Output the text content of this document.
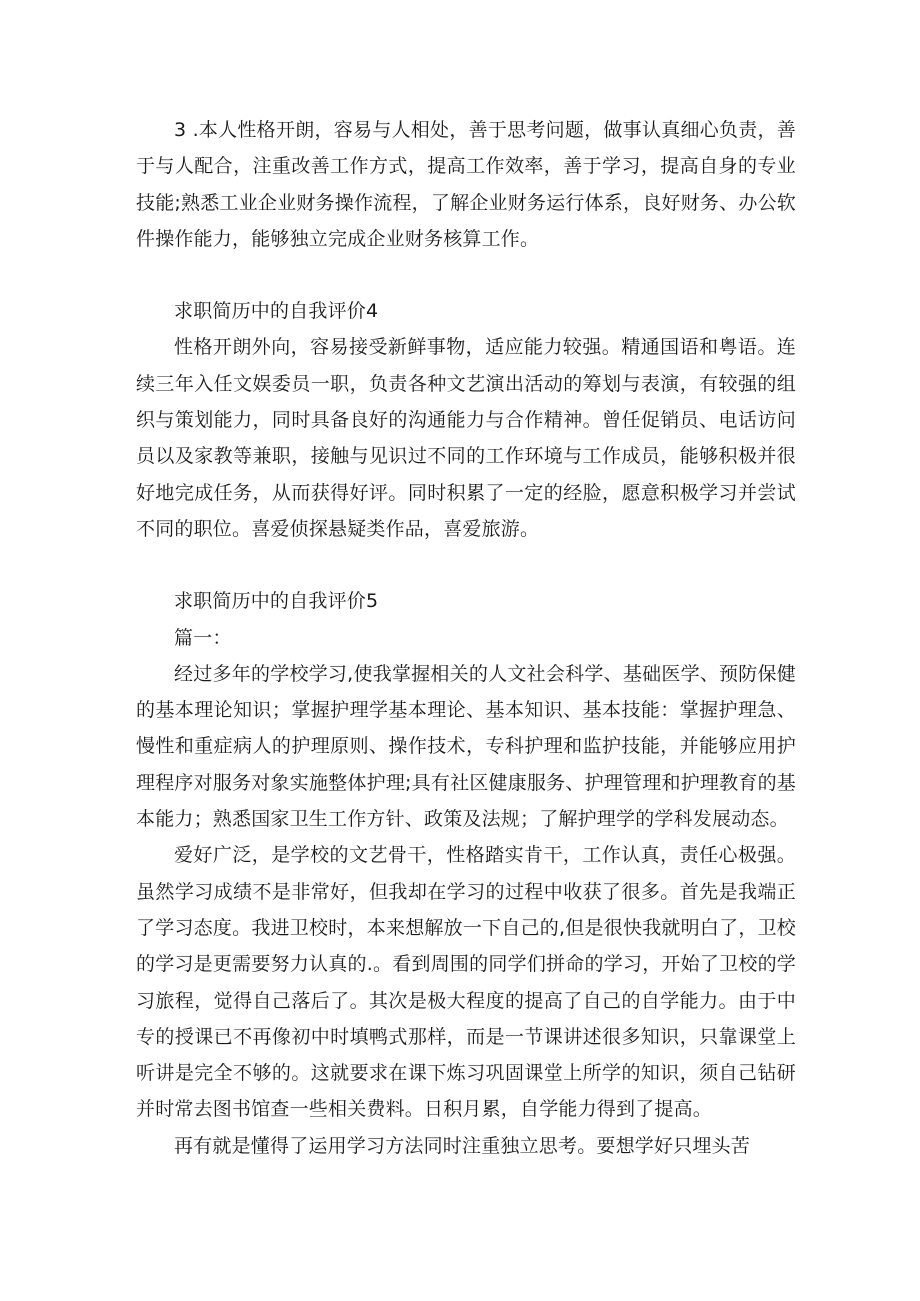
3 .本人性格开朗，容易与人相处，善于思考问题，做事认真细心负责，善于与人配合，注重改善工作方式，提高工作效率，善于学习，提高自身的专业技能;熟悉工业企业财务操作流程，了解企业财务运行体系，良好财务、办公软件操作能力，能够独立完成企业财务核算工作。

求职简历中的自我评价4

性格开朗外向，容易接受新鲜事物，适应能力较强。精通国语和粤语。连续三年入任文娱委员一职，负责各种文艺演出活动的筹划与表演，有较强的组织与策划能力，同时具备良好的沟通能力与合作精神。曾任促销员、电话访问员以及家教等兼职，接触与见识过不同的工作环境与工作成员，能够积极并很好地完成任务，从而获得好评。同时积累了一定的经脸，愿意积极学习并尝试不同的职位。喜爱侦探悬疑类作品，喜爱旅游。

求职简历中的自我评价5

篇一：

经过多年的学校学习,使我掌握相关的人文社会科学、基础医学、预防保健的基本理论知识；掌握护理学基本理论、基本知识、基本技能：掌握护理急、慢性和重症病人的护理原则、操作技术，专科护理和监护技能，并能够应用护理程序对服务对象实施整体护理;具有社区健康服务、护理管理和护理教育的基本能力；熟悉国家卫生工作方针、政策及法规；了解护理学的学科发展动态。

爱好广泛，是学校的文艺骨干，性格踏实肯干，工作认真，责任心极强。虽然学习成绩不是非常好，但我却在学习的过程中收获了很多。首先是我端正了学习态度。我进卫校时，本来想解放一下自己的,但是很快我就明白了，卫校的学习是更需要努力认真的.。看到周围的同学们拼命的学习，开始了卫校的学习旅程，觉得自己落后了。其次是极大程度的提高了自己的自学能力。由于中专的授课已不再像初中时填鸭式那样，而是一节课讲述很多知识，只靠课堂上听讲是完全不够的。这就要求在课下炼习巩固课堂上所学的知识，须自己钻研并时常去图书馆查一些相关费料。日积月累，自学能力得到了提高。

再有就是懂得了运用学习方法同时注重独立思考。要想学好只埋头苦
